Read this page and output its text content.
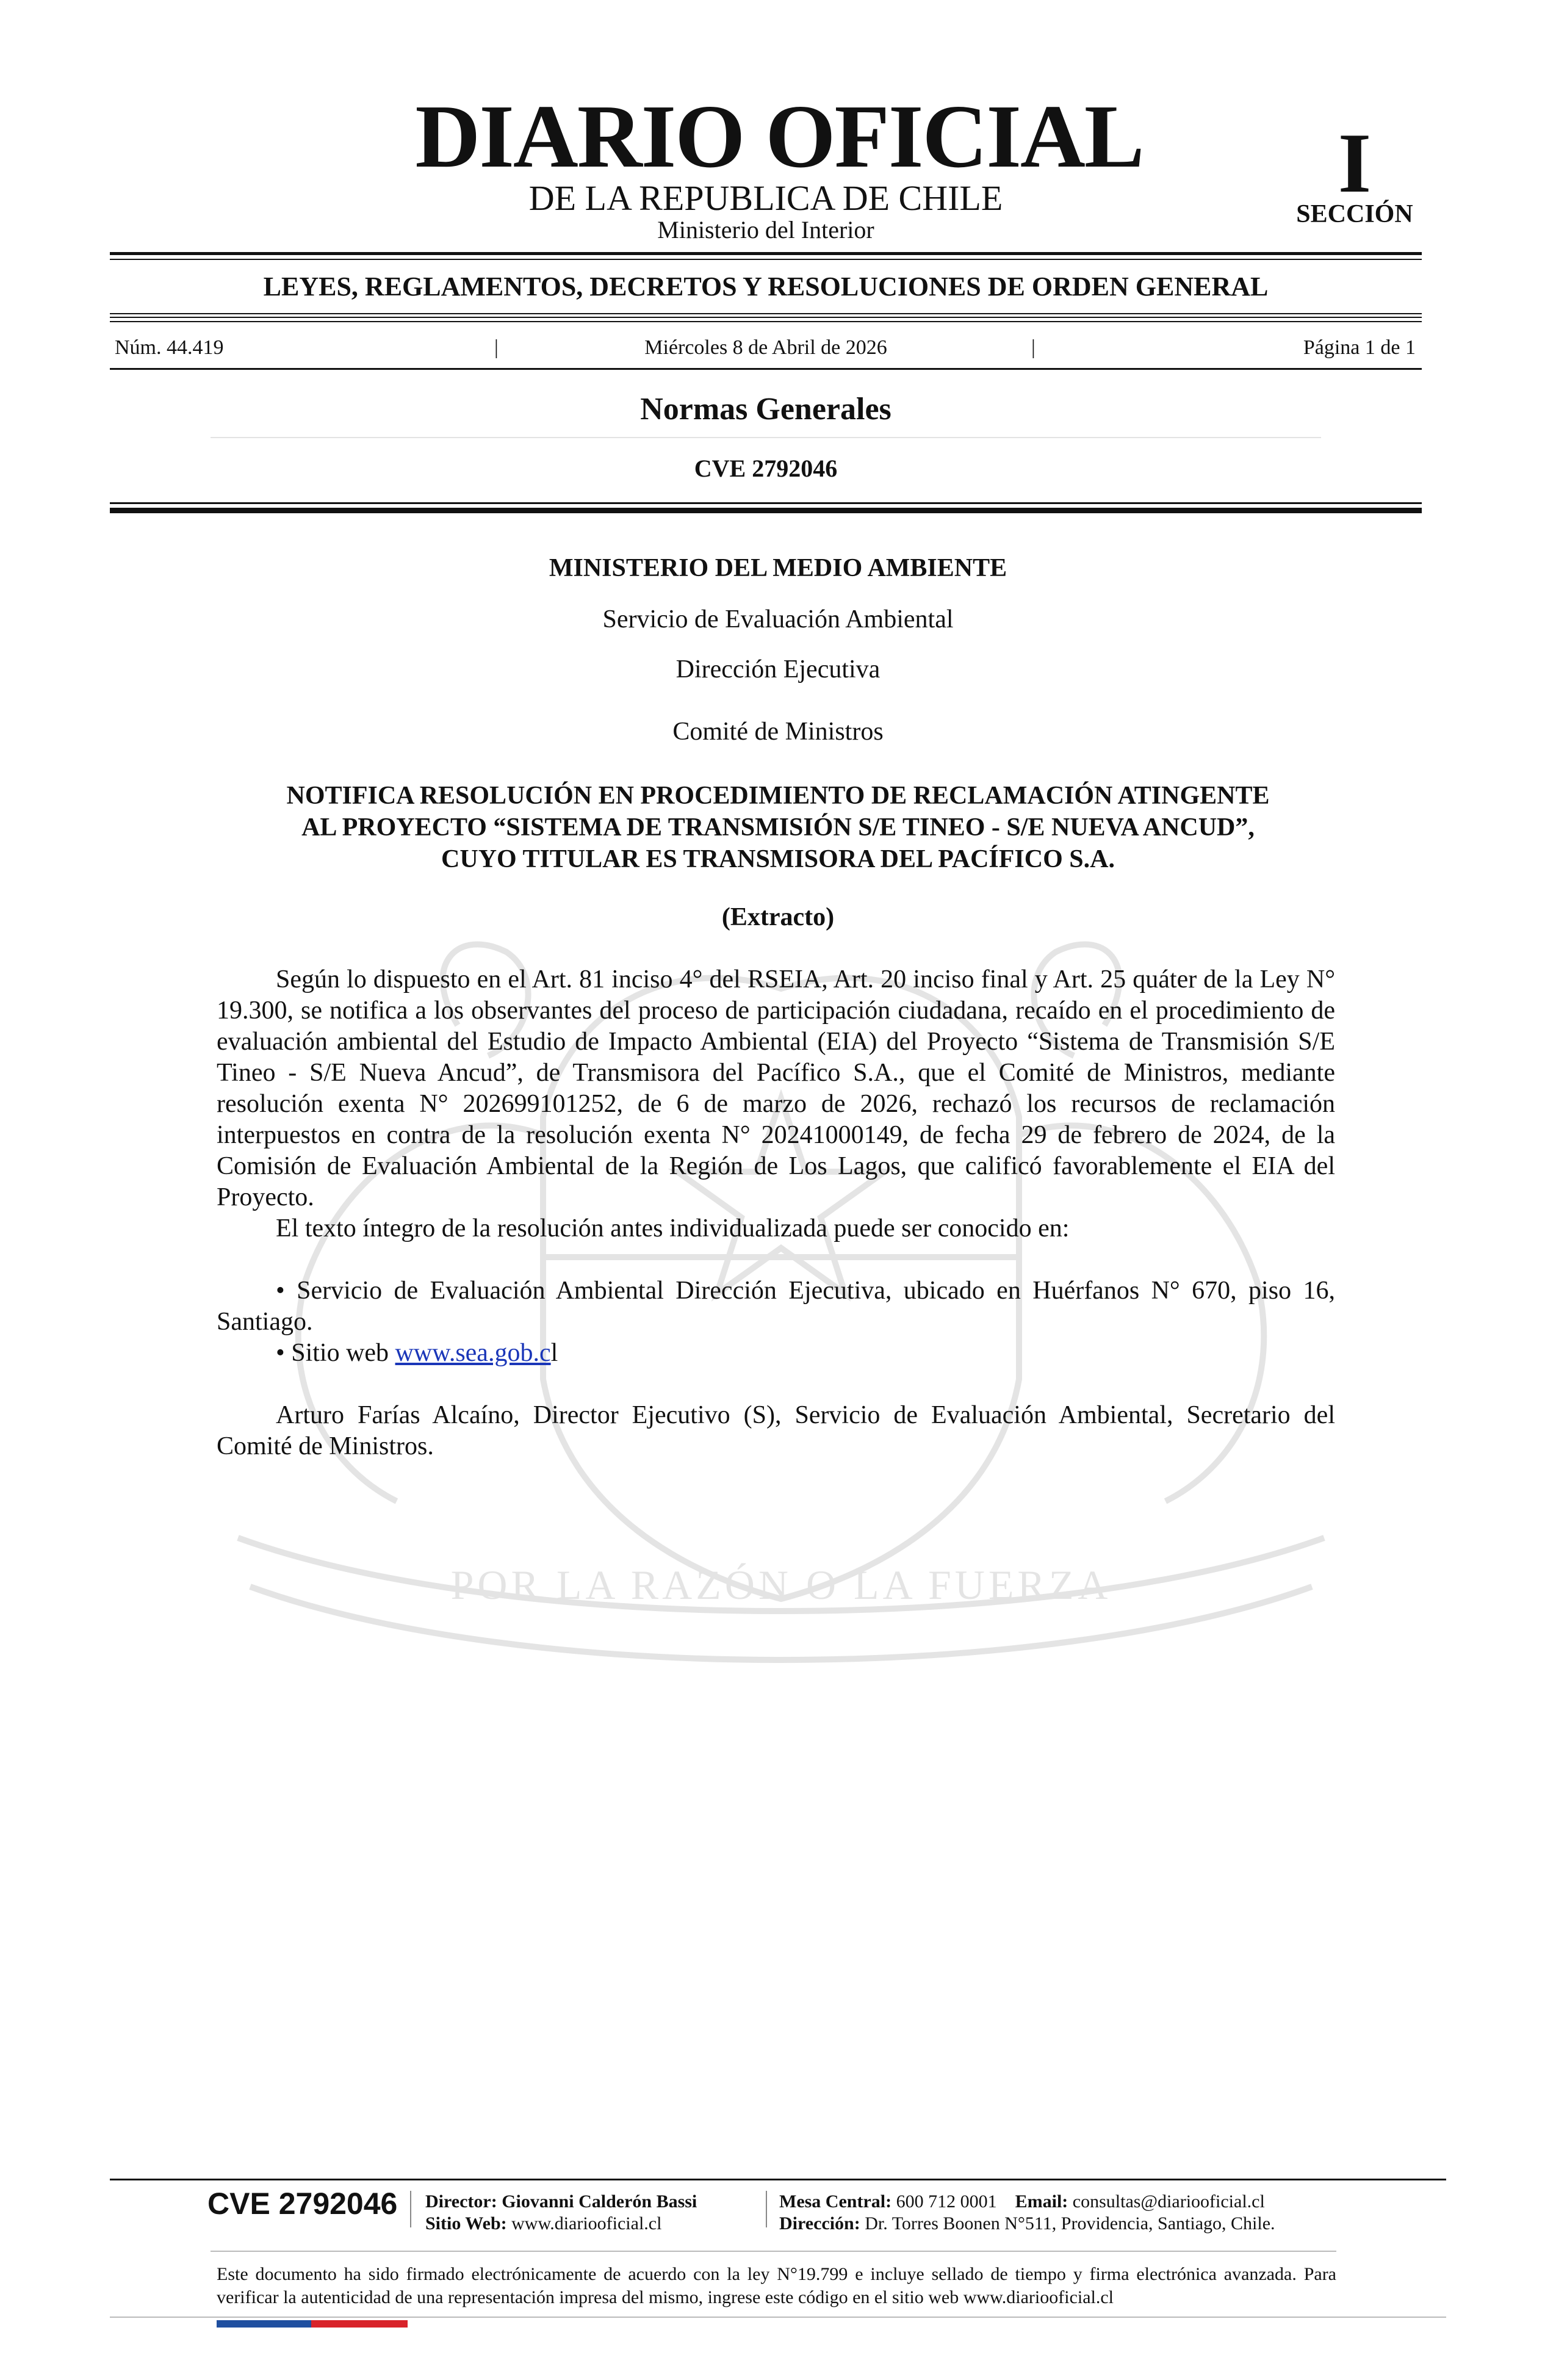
DIARIO OFICIAL
DE LA REPUBLICA DE CHILE
Ministerio del Interior
I
SECCIÓN
LEYES, REGLAMENTOS, DECRETOS Y RESOLUCIONES DE ORDEN GENERAL
Núm. 44.419	|	Miércoles 8 de Abril de 2026	|	Página 1 de 1
Normas Generales
CVE 2792046
POR LA RAZÓN O LA FUERZA
MINISTERIO DEL MEDIO AMBIENTE
Servicio de Evaluación Ambiental
Dirección Ejecutiva
Comité de Ministros
NOTIFICA RESOLUCIÓN EN PROCEDIMIENTO DE RECLAMACIÓN ATINGENTE
AL PROYECTO “SISTEMA DE TRANSMISIÓN S/E TINEO - S/E NUEVA ANCUD”,
CUYO TITULAR ES TRANSMISORA DEL PACÍFICO S.A.
(Extracto)

Según lo dispuesto en el Art. 81 inciso 4° del RSEIA, Art. 20 inciso final y Art. 25 quáter de la Ley N° 19.300, se notifica a los observantes del proceso de participación ciudadana, recaído en el procedimiento de evaluación ambiental del Estudio de Impacto Ambiental (EIA) del Proyecto “Sistema de Transmisión S/E Tineo - S/E Nueva Ancud”, de Transmisora del Pacífico S.A., que el Comité de Ministros, mediante resolución exenta N° 202699101252, de 6 de marzo de 2026, rechazó los recursos de reclamación interpuestos en contra de la resolución exenta N° 20241000149, de fecha 29 de febrero de 2024, de la Comisión de Evaluación Ambiental de la Región de Los Lagos, que calificó favorablemente el EIA del Proyecto.

El texto íntegro de la resolución antes individualizada puede ser conocido en:

• Servicio de Evaluación Ambiental Dirección Ejecutiva, ubicado en Huérfanos N° 670, piso 16, Santiago.

• Sitio web www.sea.gob.cl

Arturo Farías Alcaíno, Director Ejecutivo (S), Servicio de Evaluación Ambiental, Secretario del Comité de Ministros.

CVE 2792046 Director: Giovanni Calderón Bassi
Sitio Web: www.diariooficial.cl
Mesa Central: 600 712 0001 Email: consultas@diariooficial.cl
Dirección: Dr. Torres Boonen N°511, Providencia, Santiago, Chile.

Este documento ha sido firmado electrónicamente de acuerdo con la ley N°19.799 e incluye sellado de tiempo y firma electrónica avanzada. Para verificar la autenticidad de una representación impresa del mismo, ingrese este código en el sitio web www.diariooficial.cl
